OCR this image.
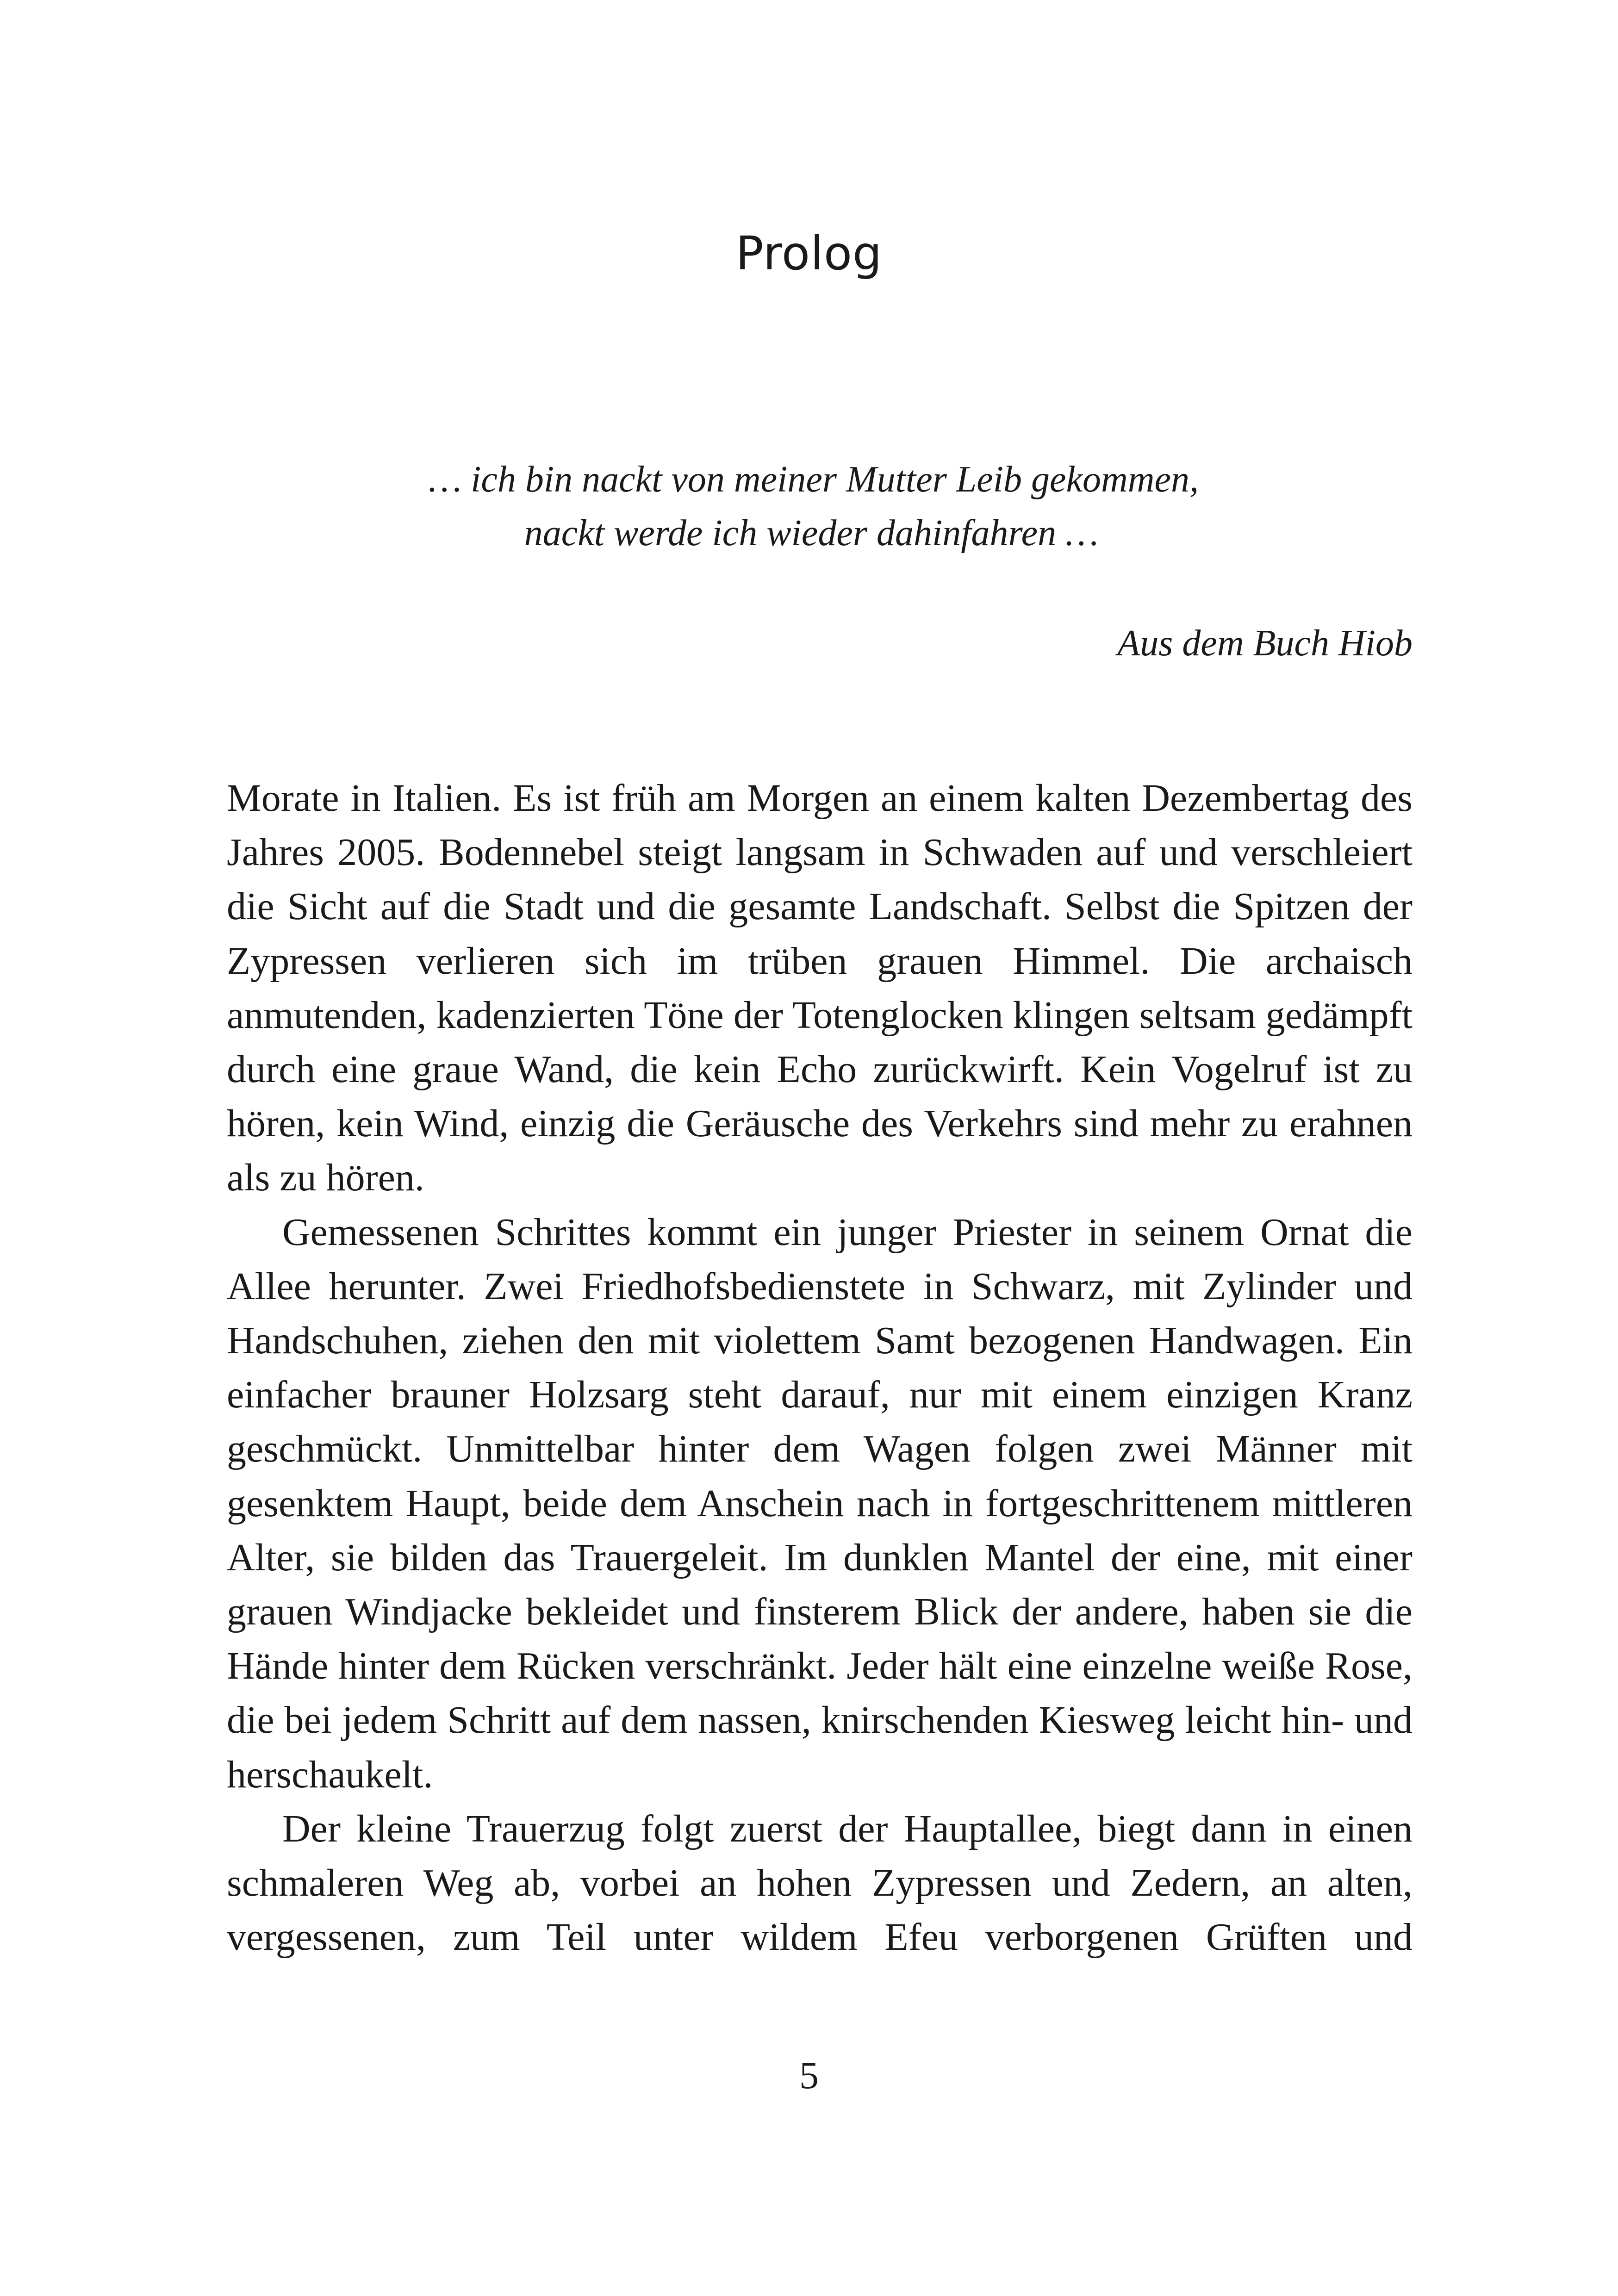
Prolog
… ich bin nackt von meiner Mutter Leib gekommen,
nackt werde ich wieder dahinfahren …
Aus dem Buch Hiob

Morate in Italien. Es ist früh am Morgen an einem kalten Dezembertag des Jahres 2005. Bodennebel steigt langsam in Schwaden auf und verschleiert die Sicht auf die Stadt und die gesamte Landschaft. Selbst die Spitzen der Zypressen verlieren sich im trüben grauen Himmel. Die archaisch anmutenden, kadenzierten Töne der Totenglocken klingen seltsam gedämpft durch eine graue Wand, die kein Echo zurückwirft. Kein Vogelruf ist zu hören, kein Wind, einzig die Geräusche des Verkehrs sind mehr zu erahnen als zu hören.

Gemessenen Schrittes kommt ein junger Priester in seinem Ornat die Allee herunter. Zwei Friedhofsbedienstete in Schwarz, mit Zylinder und Handschuhen, ziehen den mit violettem Samt bezogenen Handwagen. Ein einfacher brauner Holzsarg steht darauf, nur mit einem einzigen Kranz geschmückt. Unmittelbar hinter dem Wagen folgen zwei Männer mit gesenktem Haupt, beide dem Anschein nach in fortgeschrittenem mittleren Alter, sie bilden das Trauergeleit. Im dunklen Mantel der eine, mit einer grauen Windjacke bekleidet und finsterem Blick der andere, haben sie die Hände hinter dem Rücken verschränkt. Jeder hält eine einzelne weiße Rose, die bei jedem Schritt auf dem nassen, knirschenden Kiesweg leicht hin- und herschaukelt.

Der kleine Trauerzug folgt zuerst der Hauptallee, biegt dann in einen schmaleren Weg ab, vorbei an hohen Zypressen und Zedern, an alten, vergessenen, zum Teil unter wildem Efeu verborgenen Grüften und

5
